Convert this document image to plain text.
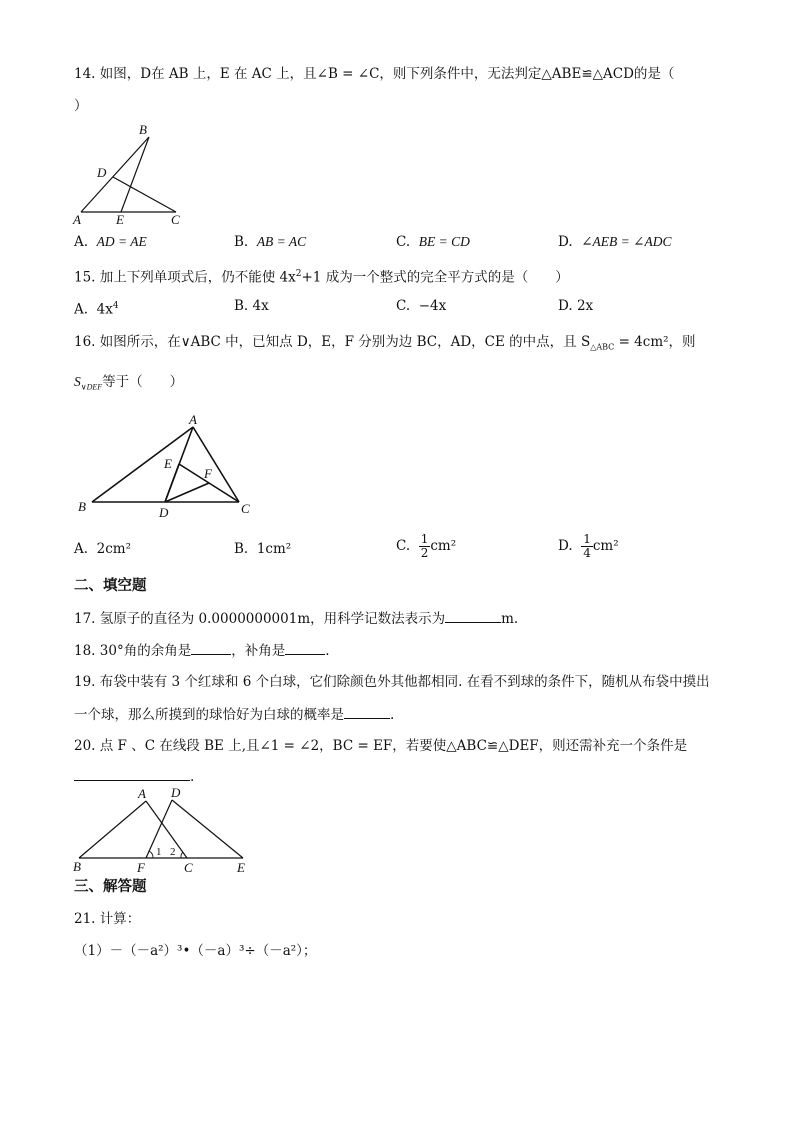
14. 如图，D在 AB 上，E 在 AC 上，且∠B = ∠C，则下列条件中，无法判定△ABE≌△ACD的是（
）
B
D
A	E	C
A. AD = AE	B. AB = AC	C. BE = CD	D. ∠AEB = ∠ADC
15. 加上下列单项式后，仍不能使 $4x^2+1$ 成为一个整式的完全平方式的是（　　）
A. $4x^4$	B. 4x	C. −4x	D. 2x
16. 如图所示，在∨ABC 中，已知点 D，E，F 分别为边 BC，AD，CE 的中点，且 $S_{\triangle ABC} = 4cm^2$，则
$S_{\vee DEF}$等于（　　）
A
E
F
B	D	C
A. 2cm²	B. 1cm²	C. $\frac{1}{2} cm^2$	D. $\frac{1}{4} cm^2$
二、填空题
17. 氢原子的直径为 0.0000000001m，用科学记数法表示为	m.
18. 30°角的余角是	，补角是	.
19. 布袋中装有 3 个红球和 6 个白球，它们除颜色外其他都相同. 在看不到球的条件下，随机从布袋中摸出
一个球，那么所摸到的球恰好为白球的概率是	.
20. 点 F 、C 在线段 BE 上,且∠1 = ∠2，BC = EF，若要使△ABC≌△DEF，则还需补充一个条件是
.
A D
B	F	C	E
1 2
三、解答题
21. 计算：
（1）－（－a²）³•（－a）³÷（－a²）；
